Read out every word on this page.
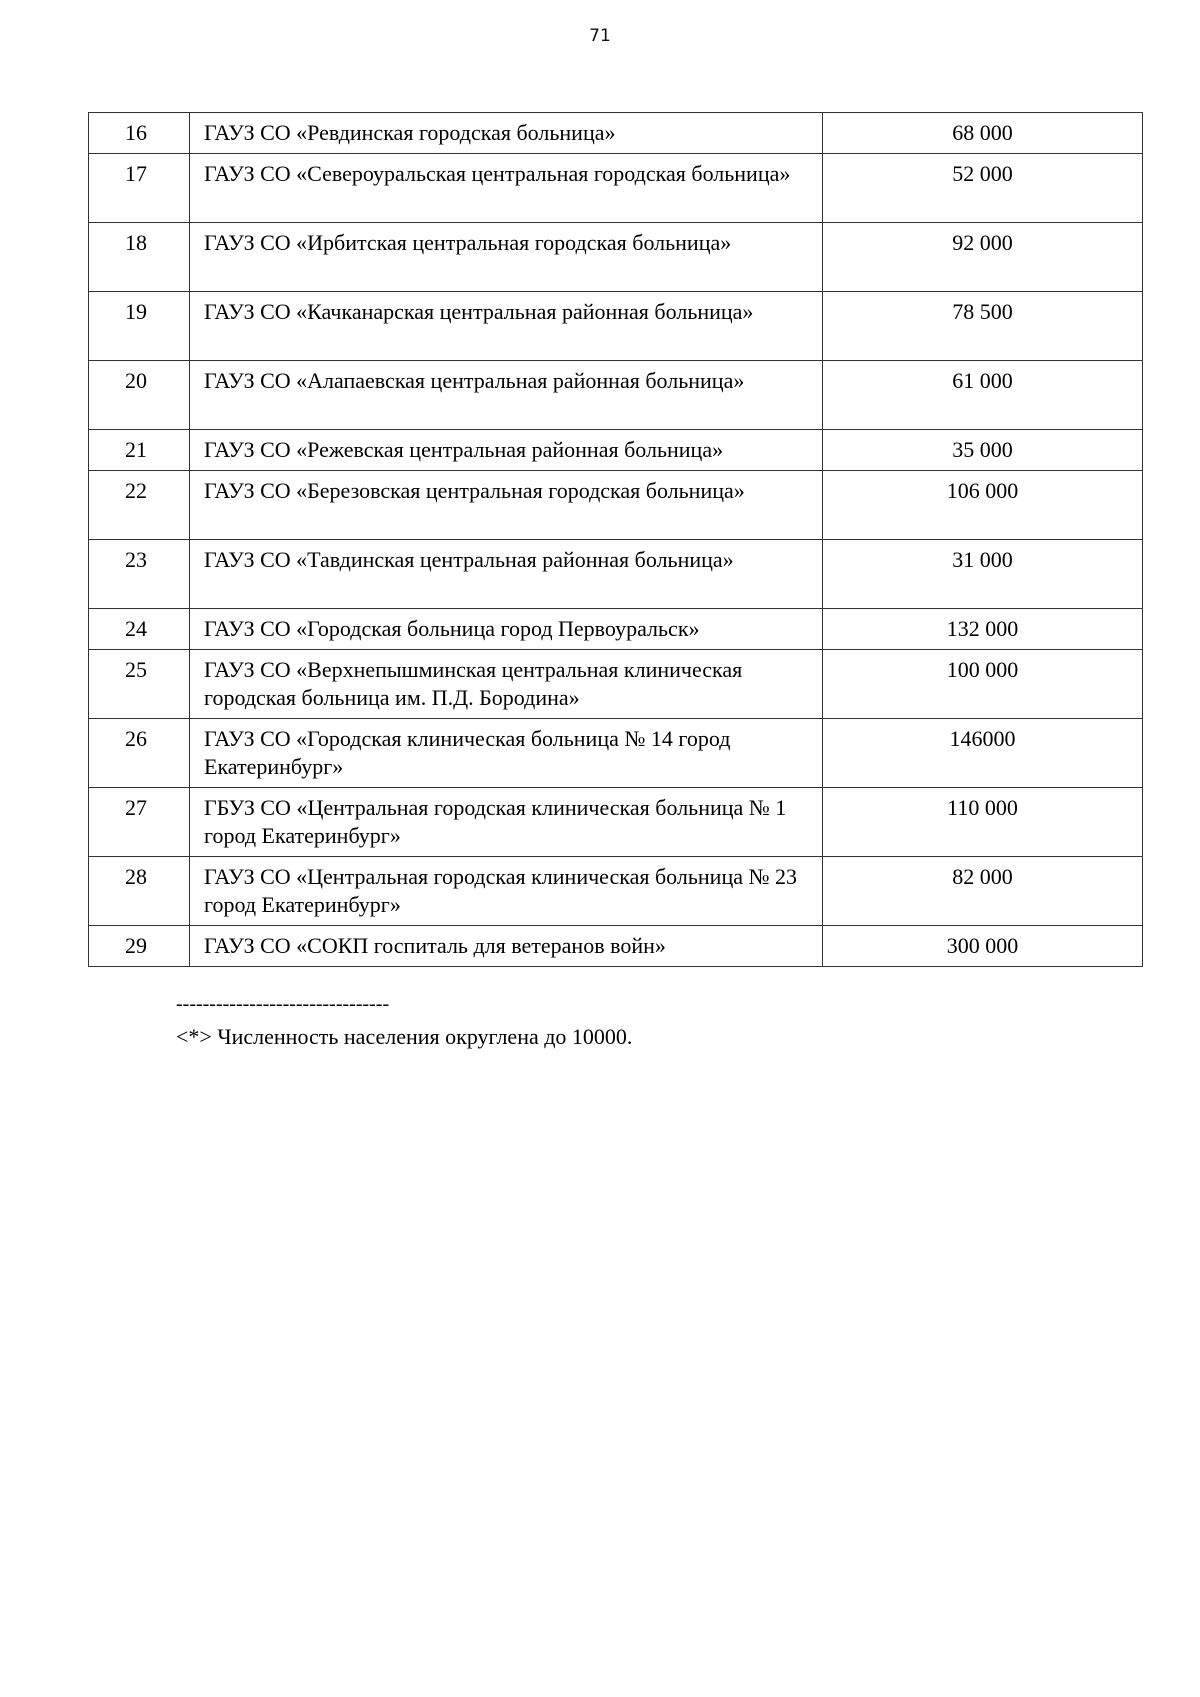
71
16	ГАУЗ СО «Ревдинская городская больница»	68 000
17	ГАУЗ СО «Североуральская центральная городская больница»	52 000
18	ГАУЗ СО «Ирбитская центральная городская больница»	92 000
19	ГАУЗ СО «Качканарская центральная районная больница»	78 500
20	ГАУЗ СО «Алапаевская центральная районная больница»	61 000
21	ГАУЗ СО «Режевская центральная районная больница»	35 000
22	ГАУЗ СО «Березовская центральная городская больница»	106 000
23	ГАУЗ СО «Тавдинская центральная районная больница»	31 000
24	ГАУЗ СО «Городская больница город Первоуральск»	132 000
25	ГАУЗ СО «Верхнепышминская центральная клиническая городская больница им. П.Д. Бородина»	100 000
26	ГАУЗ СО «Городская клиническая больница № 14 город Екатеринбург»	146000
27	ГБУЗ СО «Центральная городская клиническая больница № 1 город Екатеринбург»	110 000
28	ГАУЗ СО «Центральная городская клиническая больница № 23 город Екатеринбург»	82 000
29	ГАУЗ СО «СОКП госпиталь для ветеранов войн»	300 000
--------------------------------
<*> Численность населения округлена до 10000.
